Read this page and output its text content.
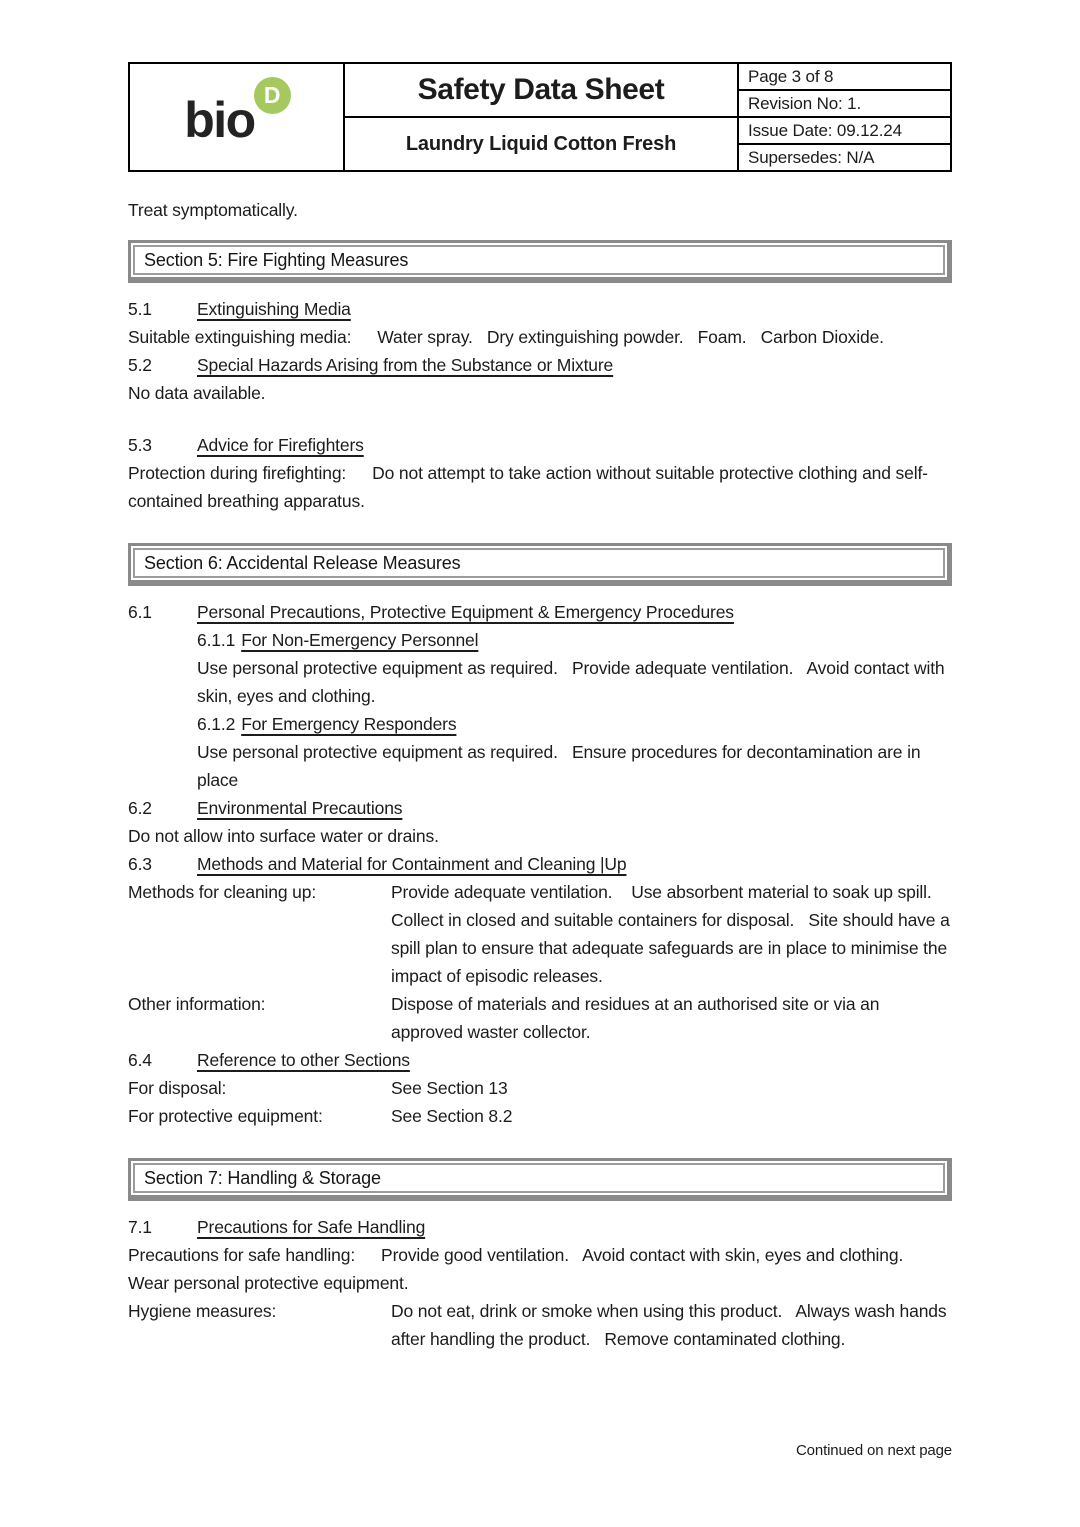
bio D	Safety Data Sheet
Laundry Liquid Cotton Fresh
Page 3 of 8
Revision No: 1.
Issue Date: 09.12.24
Supersedes: N/A

Treat symptomatically.

Section 5: Fire Fighting Measures
5.1	Extinguishing Media

Suitable extinguishing media: Water spray.   Dry extinguishing powder.   Foam.   Carbon Dioxide.

5.2	Special Hazards Arising from the Substance or Mixture

No data available.

5.3	Advice for Firefighters

Protection during firefighting: Do not attempt to take action without suitable protective clothing and self-contained breathing apparatus.

Section 6: Accidental Release Measures
6.1	Personal Precautions, Protective Equipment & Emergency Procedures
6.1.1 For Non-Emergency Personnel

Use personal protective equipment as required.   Provide adequate ventilation.   Avoid contact with skin, eyes and clothing.

6.1.2 For Emergency Responders

Use personal protective equipment as required.   Ensure procedures for decontamination are in place

6.2	Environmental Precautions

Do not allow into surface water or drains.

6.3	Methods and Material for Containment and Cleaning |Up
Methods for cleaning up:	Provide adequate ventilation.    Use absorbent material to soak up spill.  Collect in closed and suitable containers for disposal.   Site should have a spill plan to ensure that adequate safeguards are in place to minimise the impact of episodic releases.
Other information:	Dispose of materials and residues at an authorised site or via an approved waster collector.
6.4	Reference to other Sections
For disposal:	See Section 13
For protective equipment:	See Section 8.2
Section 7: Handling & Storage
7.1	Precautions for Safe Handling

Precautions for safe handling: Provide good ventilation.   Avoid contact with skin, eyes and clothing.  Wear personal protective equipment.

Hygiene measures:	Do not eat, drink or smoke when using this product.   Always wash hands after handling the product.   Remove contaminated clothing.
Continued on next page
